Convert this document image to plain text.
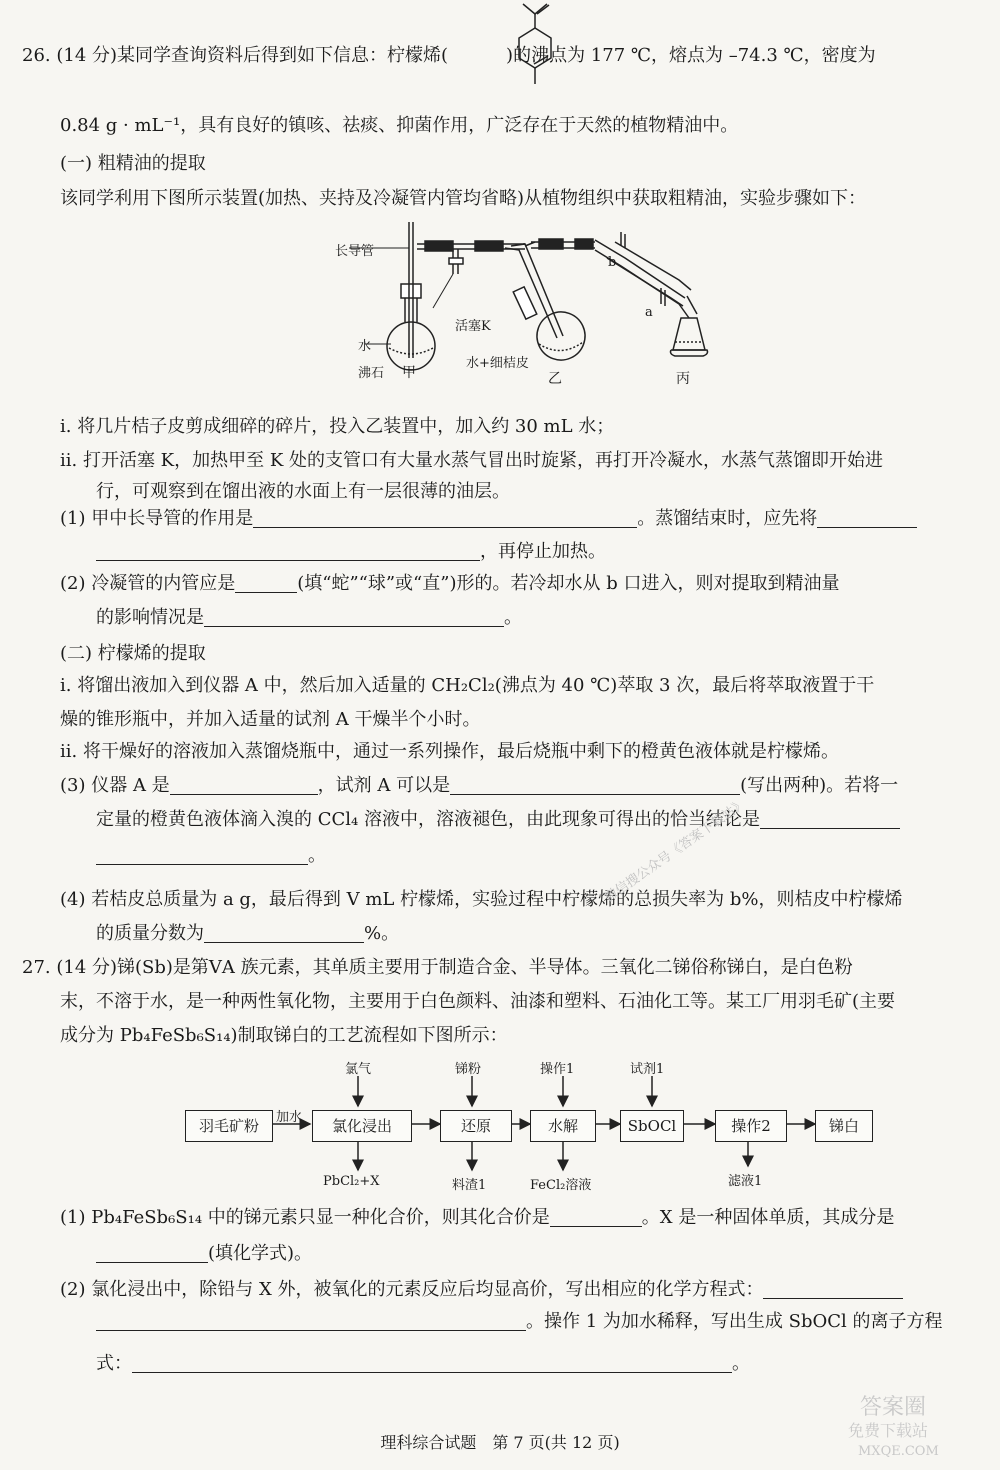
26. (14 分)某同学查询资料后得到如下信息：柠檬烯(	)的沸点为 177 ℃，熔点为 –74.3 ℃，密度为
0.84 g · mL⁻¹，具有良好的镇咳、祛痰、抑菌作用，广泛存在于天然的植物精油中。
(一) 粗精油的提取
该同学利用下图所示装置(加热、夹持及冷凝管内管均省略)从植物组织中获取粗精油，实验步骤如下：
长导管
活塞K
水
沸石 甲
水+细桔皮
乙	丙
a
b
ⅰ. 将几片桔子皮剪成细碎的碎片，投入乙装置中，加入约 30 mL 水；
ⅱ. 打开活塞 K，加热甲至 K 处的支管口有大量水蒸气冒出时旋紧，再打开冷凝水，水蒸气蒸馏即开始进
行，可观察到在馏出液的水面上有一层很薄的油层。
(1) 甲中长导管的作用是	。蒸馏结束时，应先将
，再停止加热。
(2) 冷凝管的内管应是	(填“蛇”“球”或“直”)形的。若冷却水从 b 口进入，则对提取到精油量
的影响情况是	。
(二) 柠檬烯的提取
ⅰ. 将馏出液加入到仪器 A 中，然后加入适量的 CH₂Cl₂(沸点为 40 ℃)萃取 3 次，最后将萃取液置于干
燥的锥形瓶中，并加入适量的试剂 A 干燥半个小时。
ⅱ. 将干燥好的溶液加入蒸馏烧瓶中，通过一系列操作，最后烧瓶中剩下的橙黄色液体就是柠檬烯。
(3) 仪器 A 是	，试剂 A 可以是	(写出两种)。若将一
定量的橙黄色液体滴入溴的 CCl₄ 溶液中，溶液褪色，由此现象可得出的恰当结论是
。
(4) 若桔皮总质量为 a g，最后得到 V mL 柠檬烯，实验过程中柠檬烯的总损失率为 b%，则桔皮中柠檬烯
的质量分数为	%。
27. (14 分)锑(Sb)是第ⅤA 族元素，其单质主要用于制造合金、半导体。三氧化二锑俗称锑白，是白色粉
末，不溶于水，是一种两性氧化物，主要用于白色颜料、油漆和塑料、石油化工等。某工厂用羽毛矿(主要
成分为 Pb₄FeSb₆S₁₄)制取锑白的工艺流程如下图所示：
羽毛矿粉	氯化浸出	还原	水解	SbOCl	操作2	锑白
氯气	锑粉	操作1	试剂1
加水
PbCl₂+X	料渣1	FeCl₂溶液	滤液1
(1) Pb₄FeSb₆S₁₄ 中的锑元素只显一种化合价，则其化合价是	。X 是一种固体单质，其成分是
(填化学式)。
(2) 氯化浸出中，除铅与 X 外，被氧化的元素反应后均显高价，写出相应的化学方程式：
。操作 1 为加水稀释，写出生成 SbOCl 的离子方程
式：	。
理科综合试题　第 7 页(共 12 页)
微信搜公众号《答案下载站》
答案圈
免费下载站
MXQE.COM
